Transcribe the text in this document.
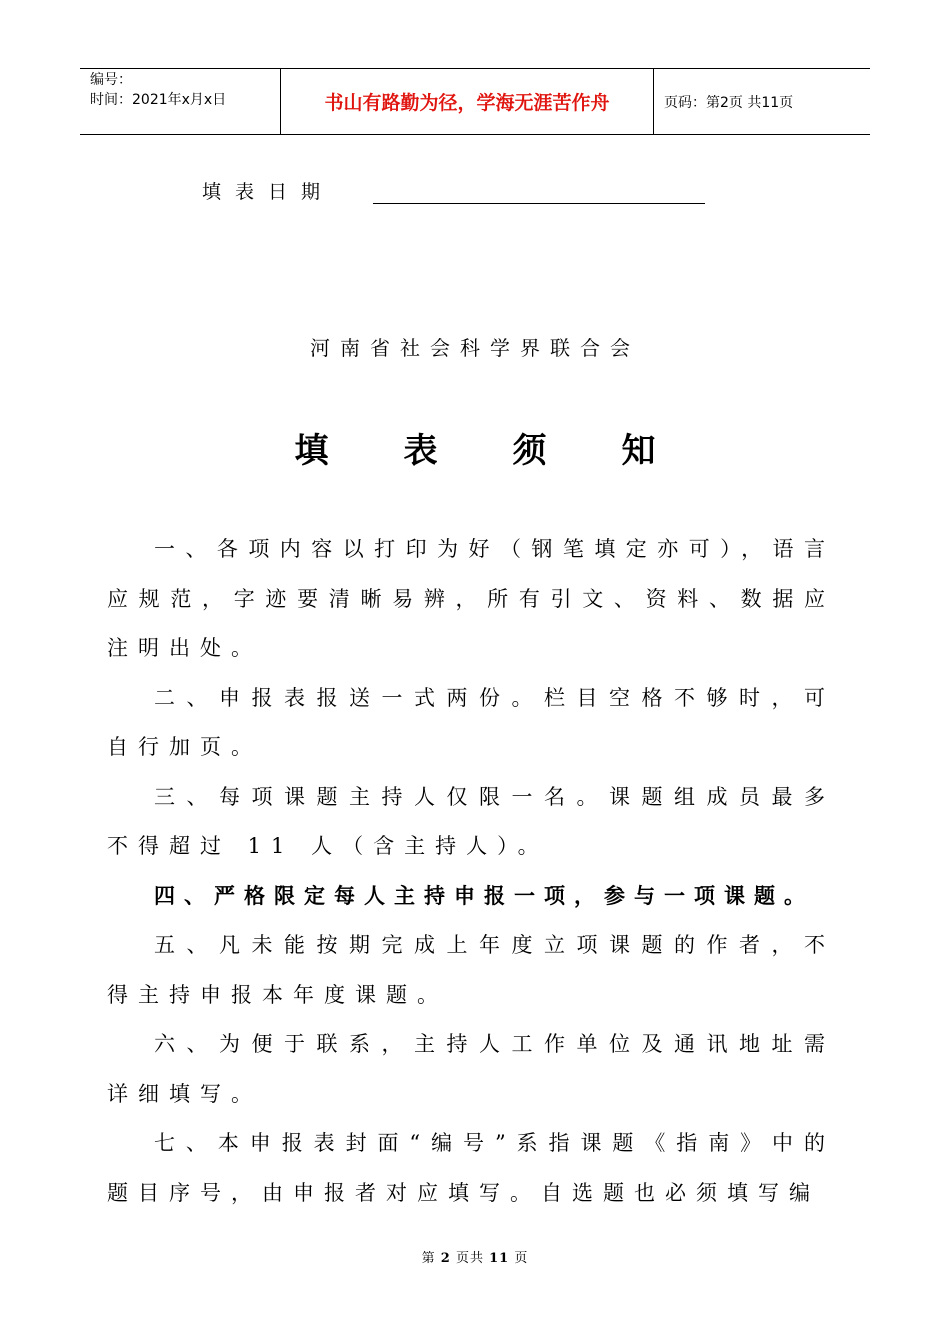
编号：
时间：2021年x月x日	书山有路勤为径，学海无涯苦作舟	页码：第2页 共11页
填表日期
河南省社会科学界联合会
填表须知

一、各项内容以打印为好（钢笔填定亦可），语言应规范，字迹要清晰易辨，所有引文、资料、数据应注明出处。

二、申报表报送一式两份。栏目空格不够时，可自行加页。

三、每项课题主持人仅限一名。课题组成员最多不得超过 11 人（含主持人）。

四、严格限定每人主持申报一项，参与一项课题。

五、凡未能按期完成上年度立项课题的作者，不得主持申报本年度课题。

六、为便于联系，主持人工作单位及通讯地址需详细填写。

七、本申报表封面“编号”系指课题《指南》中的题目序号，由申报者对应填写。自选题也必须填写编

第 2 页共 11 页
